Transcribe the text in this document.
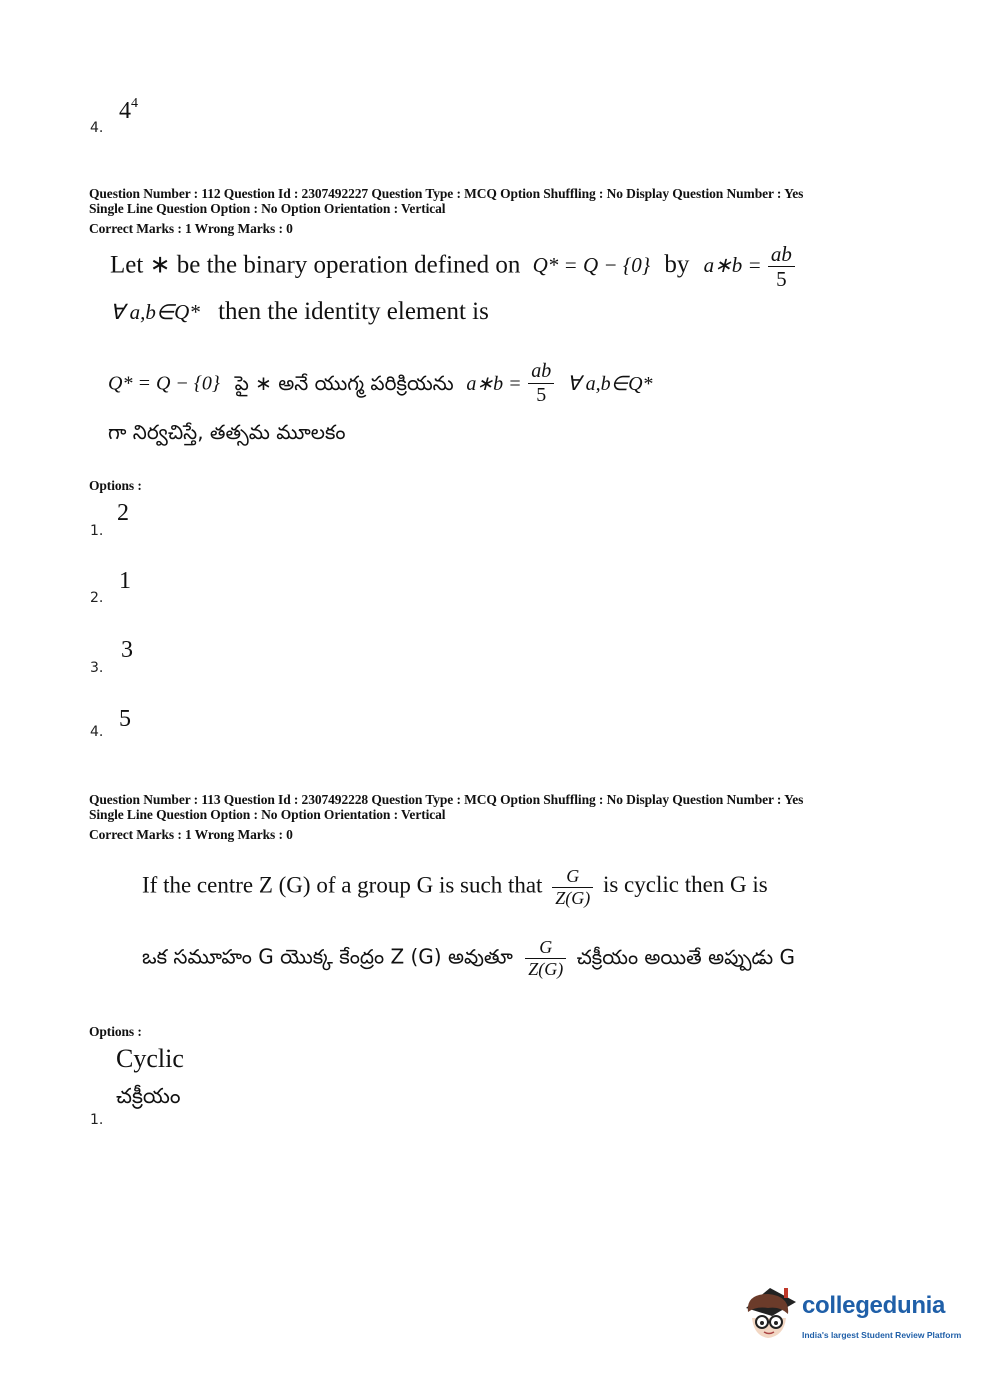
$4^4$
4.
Question Number : 112 Question Id : 2307492227 Question Type : MCQ Option Shuffling : No Display Question Number : Yes
Single Line Question Option : No Option Orientation : Vertical
Correct Marks : 1 Wrong Marks : 0
Let ∗ be the binary operation defined on Q* = Q − {0} by a∗b = $\frac{ab}{5}$
∀ a,b∈Q* then the identity element is
Q* = Q − {0} పై ∗ అనే యుగ్మ పరిక్రియను a∗b = $\frac{ab}{5}$ ∀ a,b∈Q*
గా నిర్వచిస్తే, తత్సమ మూలకం
Options :
2
1.
1
2.
3
3.
5
4.
Question Number : 113 Question Id : 2307492228 Question Type : MCQ Option Shuffling : No Display Question Number : Yes
Single Line Question Option : No Option Orientation : Vertical
Correct Marks : 1 Wrong Marks : 0
If the centre Z (G) of a group G is such that $\frac{G}{Z(G)}$ is cyclic then G is
ఒక సమూహం G యొక్క కేంద్రం Z (G) అవుతూ $\frac{G}{Z(G)}$ చక్రీయం అయితే అప్పుడు G
Options :
Cyclic
చక్రీయం
1.
collegedunia
India's largest Student Review Platform
